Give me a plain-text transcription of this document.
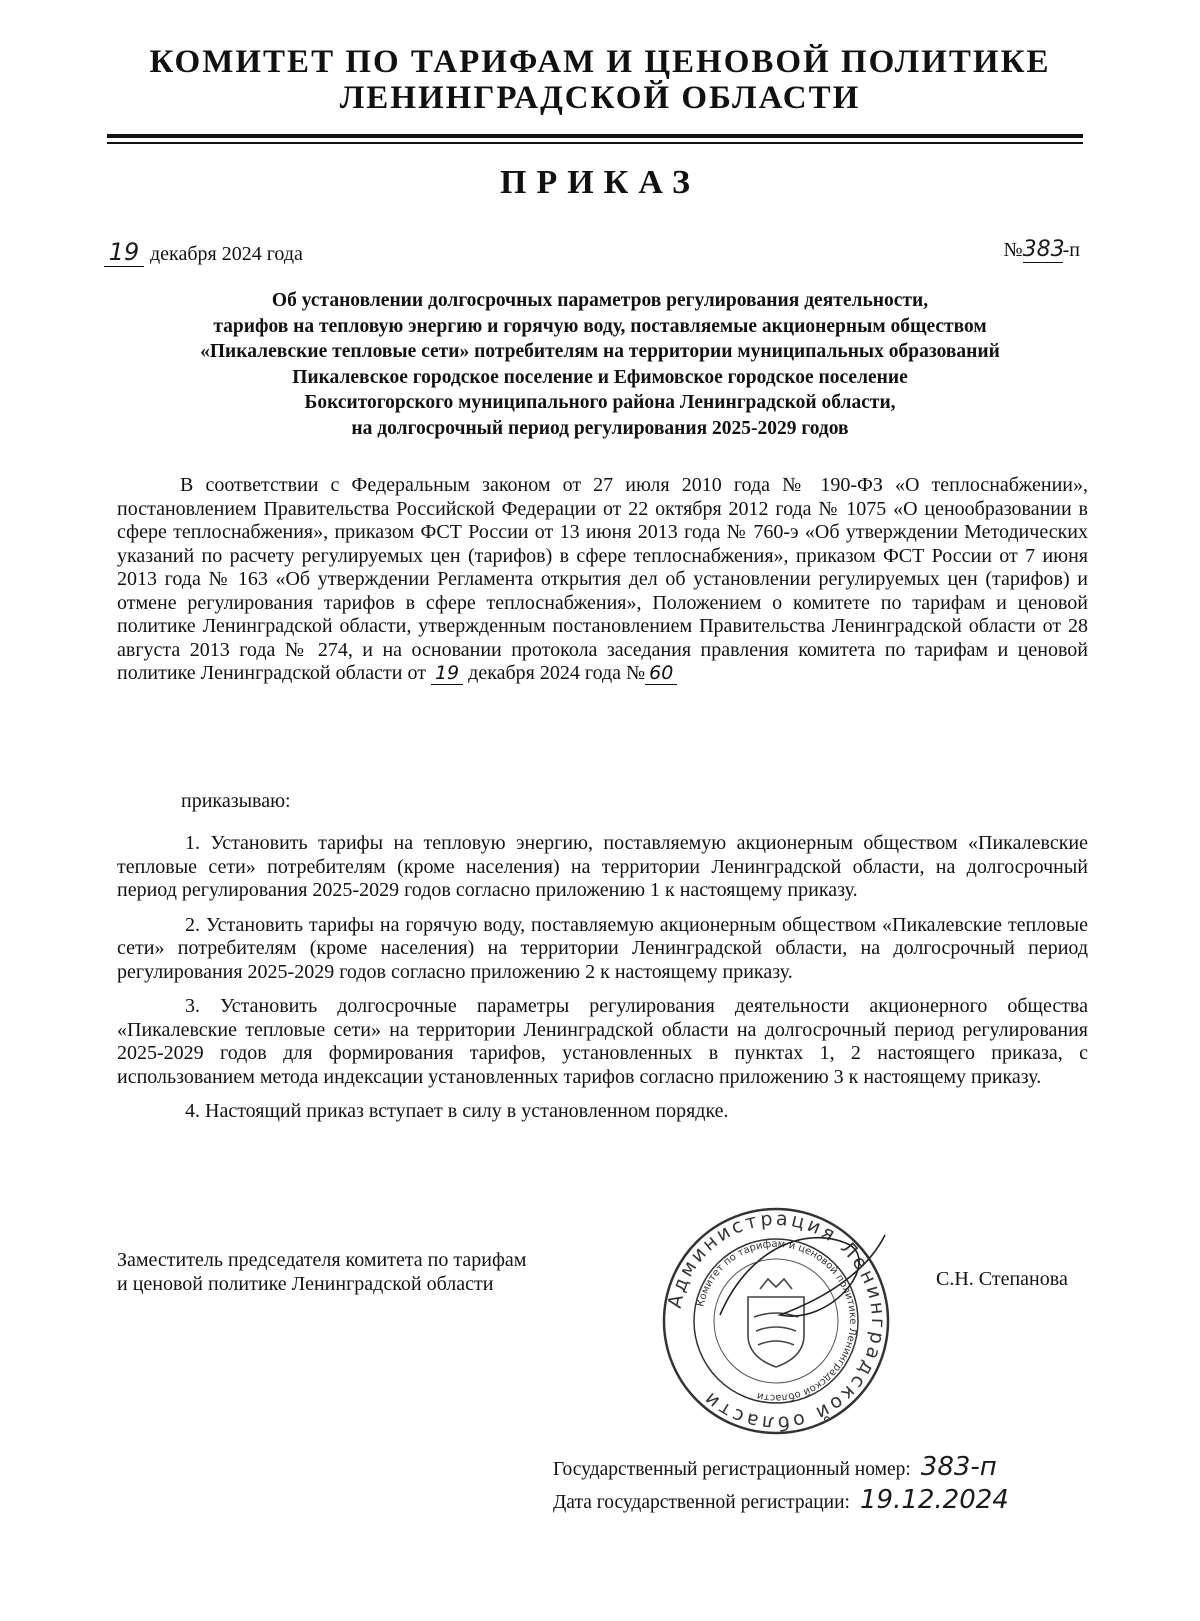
КОМИТЕТ ПО ТАРИФАМ И ЦЕНОВОЙ ПОЛИТИКЕ
ЛЕНИНГРАДСКОЙ ОБЛАСТИ
ПРИКАЗ
19 декабря 2024 года	№383-п
Об установлении долгосрочных параметров регулирования деятельности,
тарифов на тепловую энергию и горячую воду, поставляемые акционерным обществом
«Пикалевские тепловые сети» потребителям на территории муниципальных образований
Пикалевское городское поселение и Ефимовское городское поселение
Бокситогорского муниципального района Ленинградской области,
на долгосрочный период регулирования 2025-2029 годов
В соответствии с Федеральным законом от 27 июля 2010 года № 190-ФЗ «О теплоснабжении», постановлением Правительства Российской Федерации от 22 октября 2012 года № 1075 «О ценообразовании в сфере теплоснабжения», приказом ФСТ России от 13 июня 2013 года № 760-э «Об утверждении Методических указаний по расчету регулируемых цен (тарифов) в сфере теплоснабжения», приказом ФСТ России от 7 июня 2013 года № 163 «Об утверждении Регламента открытия дел об установлении регулируемых цен (тарифов) и отмене регулирования тарифов в сфере теплоснабжения», Положением о комитете по тарифам и ценовой политике Ленинградской области, утвержденным постановлением Правительства Ленинградской области от 28 августа 2013 года № 274, и на основании протокола заседания правления комитета по тарифам и ценовой политике Ленинградской области от 19 декабря 2024 года № 60
приказываю:

1. Установить тарифы на тепловую энергию, поставляемую акционерным обществом «Пикалевские тепловые сети» потребителям (кроме населения) на территории Ленинградской области, на долгосрочный период регулирования 2025-2029 годов согласно приложению 1 к настоящему приказу.

2. Установить тарифы на горячую воду, поставляемую акционерным обществом «Пикалевские тепловые сети» потребителям (кроме населения) на территории Ленинградской области, на долгосрочный период регулирования 2025-2029 годов согласно приложению 2 к настоящему приказу.

3. Установить долгосрочные параметры регулирования деятельности акционерного общества «Пикалевские тепловые сети» на территории Ленинградской области на долгосрочный период регулирования 2025-2029 годов для формирования тарифов, установленных в пунктах 1, 2 настоящего приказа, с использованием метода индексации установленных тарифов согласно приложению 3 к настоящему приказу.

4. Настоящий приказ вступает в силу в установленном порядке.

Заместитель председателя комитета по тарифам
и ценовой политике Ленинградской области
Администрация Ленинградской области
Комитет по тарифам и ценовой политике Ленинградской области
С.Н. Степанова
Государственный регистрационный номер: 383-п
Дата государственной регистрации: 19.12.2024
